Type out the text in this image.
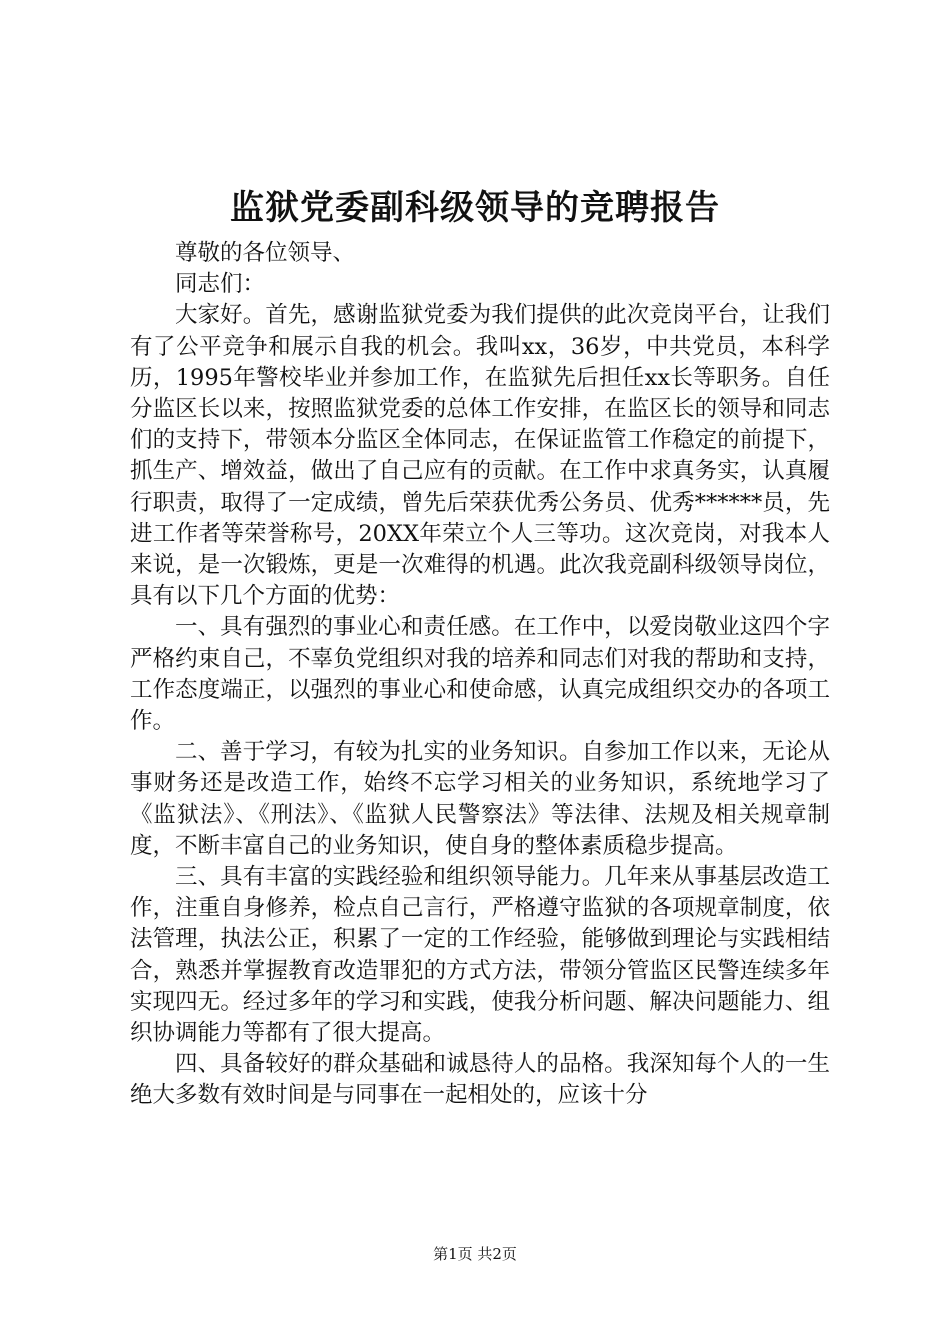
监狱党委副科级领导的竞聘报告

尊敬的各位领导、

同志们：

大家好。首先，感谢监狱党委为我们提供的此次竞岗平台，让我们有了公平竞争和展示自我的机会。我叫xx，36岁，中共党员，本科学历，1995年警校毕业并参加工作，在监狱先后担任xx长等职务。自任分监区长以来，按照监狱党委的总体工作安排，在监区长的领导和同志们的支持下，带领本分监区全体同志，在保证监管工作稳定的前提下，抓生产、增效益，做出了自己应有的贡献。在工作中求真务实，认真履行职责，取得了一定成绩，曾先后荣获优秀公务员、优秀******员，先进工作者等荣誉称号，20XX年荣立个人三等功。这次竞岗，对我本人来说，是一次锻炼，更是一次难得的机遇。此次我竞副科级领导岗位，具有以下几个方面的优势：

一、具有强烈的事业心和责任感。在工作中，以爱岗敬业这四个字严格约束自己，不辜负党组织对我的培养和同志们对我的帮助和支持，工作态度端正，以强烈的事业心和使命感，认真完成组织交办的各项工作。

二、善于学习，有较为扎实的业务知识。自参加工作以来，无论从事财务还是改造工作，始终不忘学习相关的业务知识，系统地学习了《监狱法》、《刑法》、《监狱人民警察法》等法律、法规及相关规章制度，不断丰富自己的业务知识，使自身的整体素质稳步提高。

三、具有丰富的实践经验和组织领导能力。几年来从事基层改造工作，注重自身修养，检点自己言行，严格遵守监狱的各项规章制度，依法管理，执法公正，积累了一定的工作经验，能够做到理论与实践相结合，熟悉并掌握教育改造罪犯的方式方法，带领分管监区民警连续多年实现四无。经过多年的学习和实践，使我分析问题、解决问题能力、组织协调能力等都有了很大提高。

四、具备较好的群众基础和诚恳待人的品格。我深知每个人的一生绝大多数有效时间是与同事在一起相处的，应该十分

第1页 共2页
